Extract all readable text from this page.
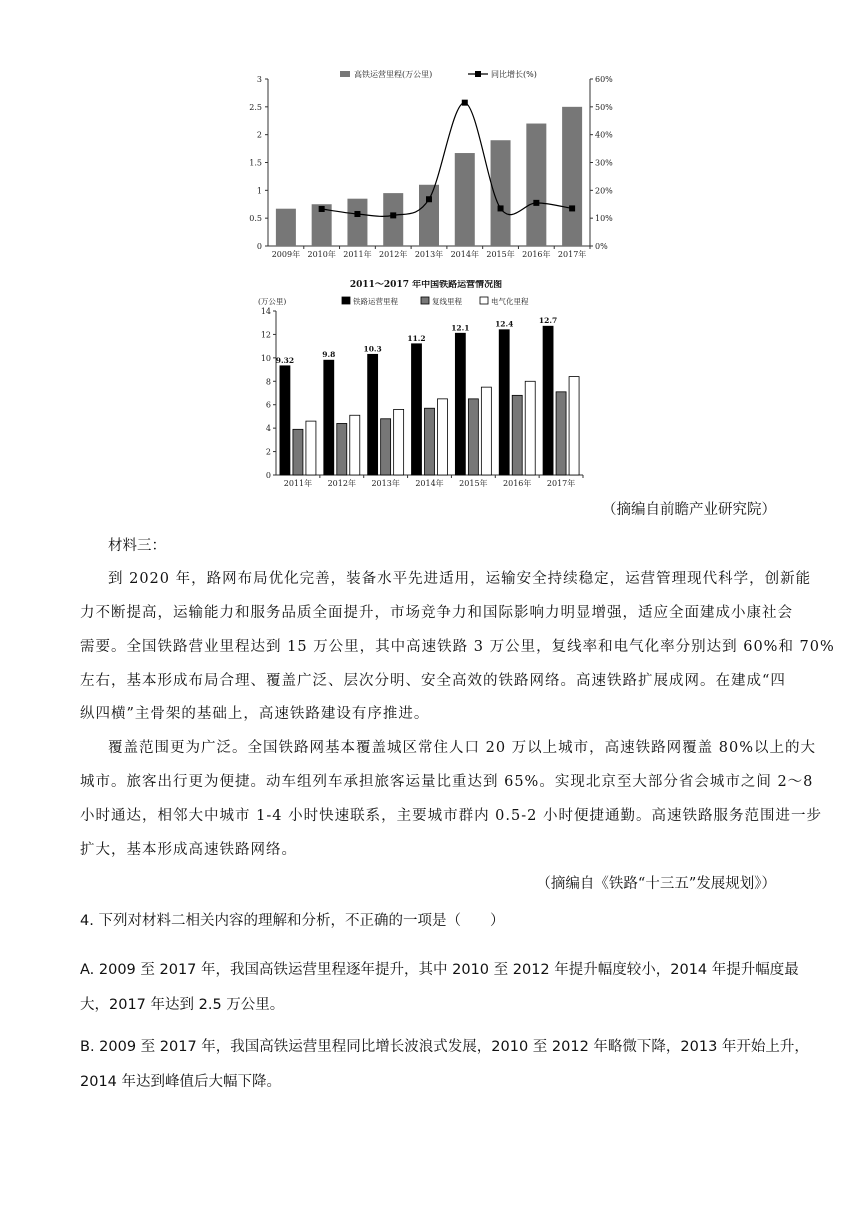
0
0.5
1
1.5
2
2.5
3
0%
10%
20%
30%
40%
50%
60%
2009年 2010年 2011年 2012年 2013年 2014年 2015年 2016年 2017年
高铁运营里程(万公里)	同比增长(%)
2011～2017 年中国铁路运营情况图
(万公里)
0
2
4
6
8
10
12
14
9.32
2011年
9.8
2012年
10.3
2013年
11.2
2014年
12.1
2015年
12.4
2016年
12.7
2017年
铁路运营里程	复线里程	电气化里程
（摘编自前瞻产业研究院）
材料三：
到 2020 年，路网布局优化完善，装备水平先进适用，运输安全持续稳定，运营管理现代科学，创新能
力不断提高，运输能力和服务品质全面提升，市场竞争力和国际影响力明显增强，适应全面建成小康社会
需要。全国铁路营业里程达到 15 万公里，其中高速铁路 3 万公里，复线率和电气化率分别达到 60%和 70%
左右，基本形成布局合理、覆盖广泛、层次分明、安全高效的铁路网络。高速铁路扩展成网。在建成“四
纵四横”主骨架的基础上，高速铁路建设有序推进。
覆盖范围更为广泛。全国铁路网基本覆盖城区常住人口 20 万以上城市，高速铁路网覆盖 80%以上的大
城市。旅客出行更为便捷。动车组列车承担旅客运量比重达到 65%。实现北京至大部分省会城市之间 2～8
小时通达，相邻大中城市 1-4 小时快速联系，主要城市群内 0.5-2 小时便捷通勤。高速铁路服务范围进一步
扩大，基本形成高速铁路网络。
（摘编自《铁路“十三五”发展规划》）
4. 下列对材料二相关内容的理解和分析，不正确的一项是（　　）
A. 2009 至 2017 年，我国高铁运营里程逐年提升，其中 2010 至 2012 年提升幅度较小，2014 年提升幅度最
大，2017 年达到 2.5 万公里。
B. 2009 至 2017 年，我国高铁运营里程同比增长波浪式发展，2010 至 2012 年略微下降，2013 年开始上升，
2014 年达到峰值后大幅下降。
